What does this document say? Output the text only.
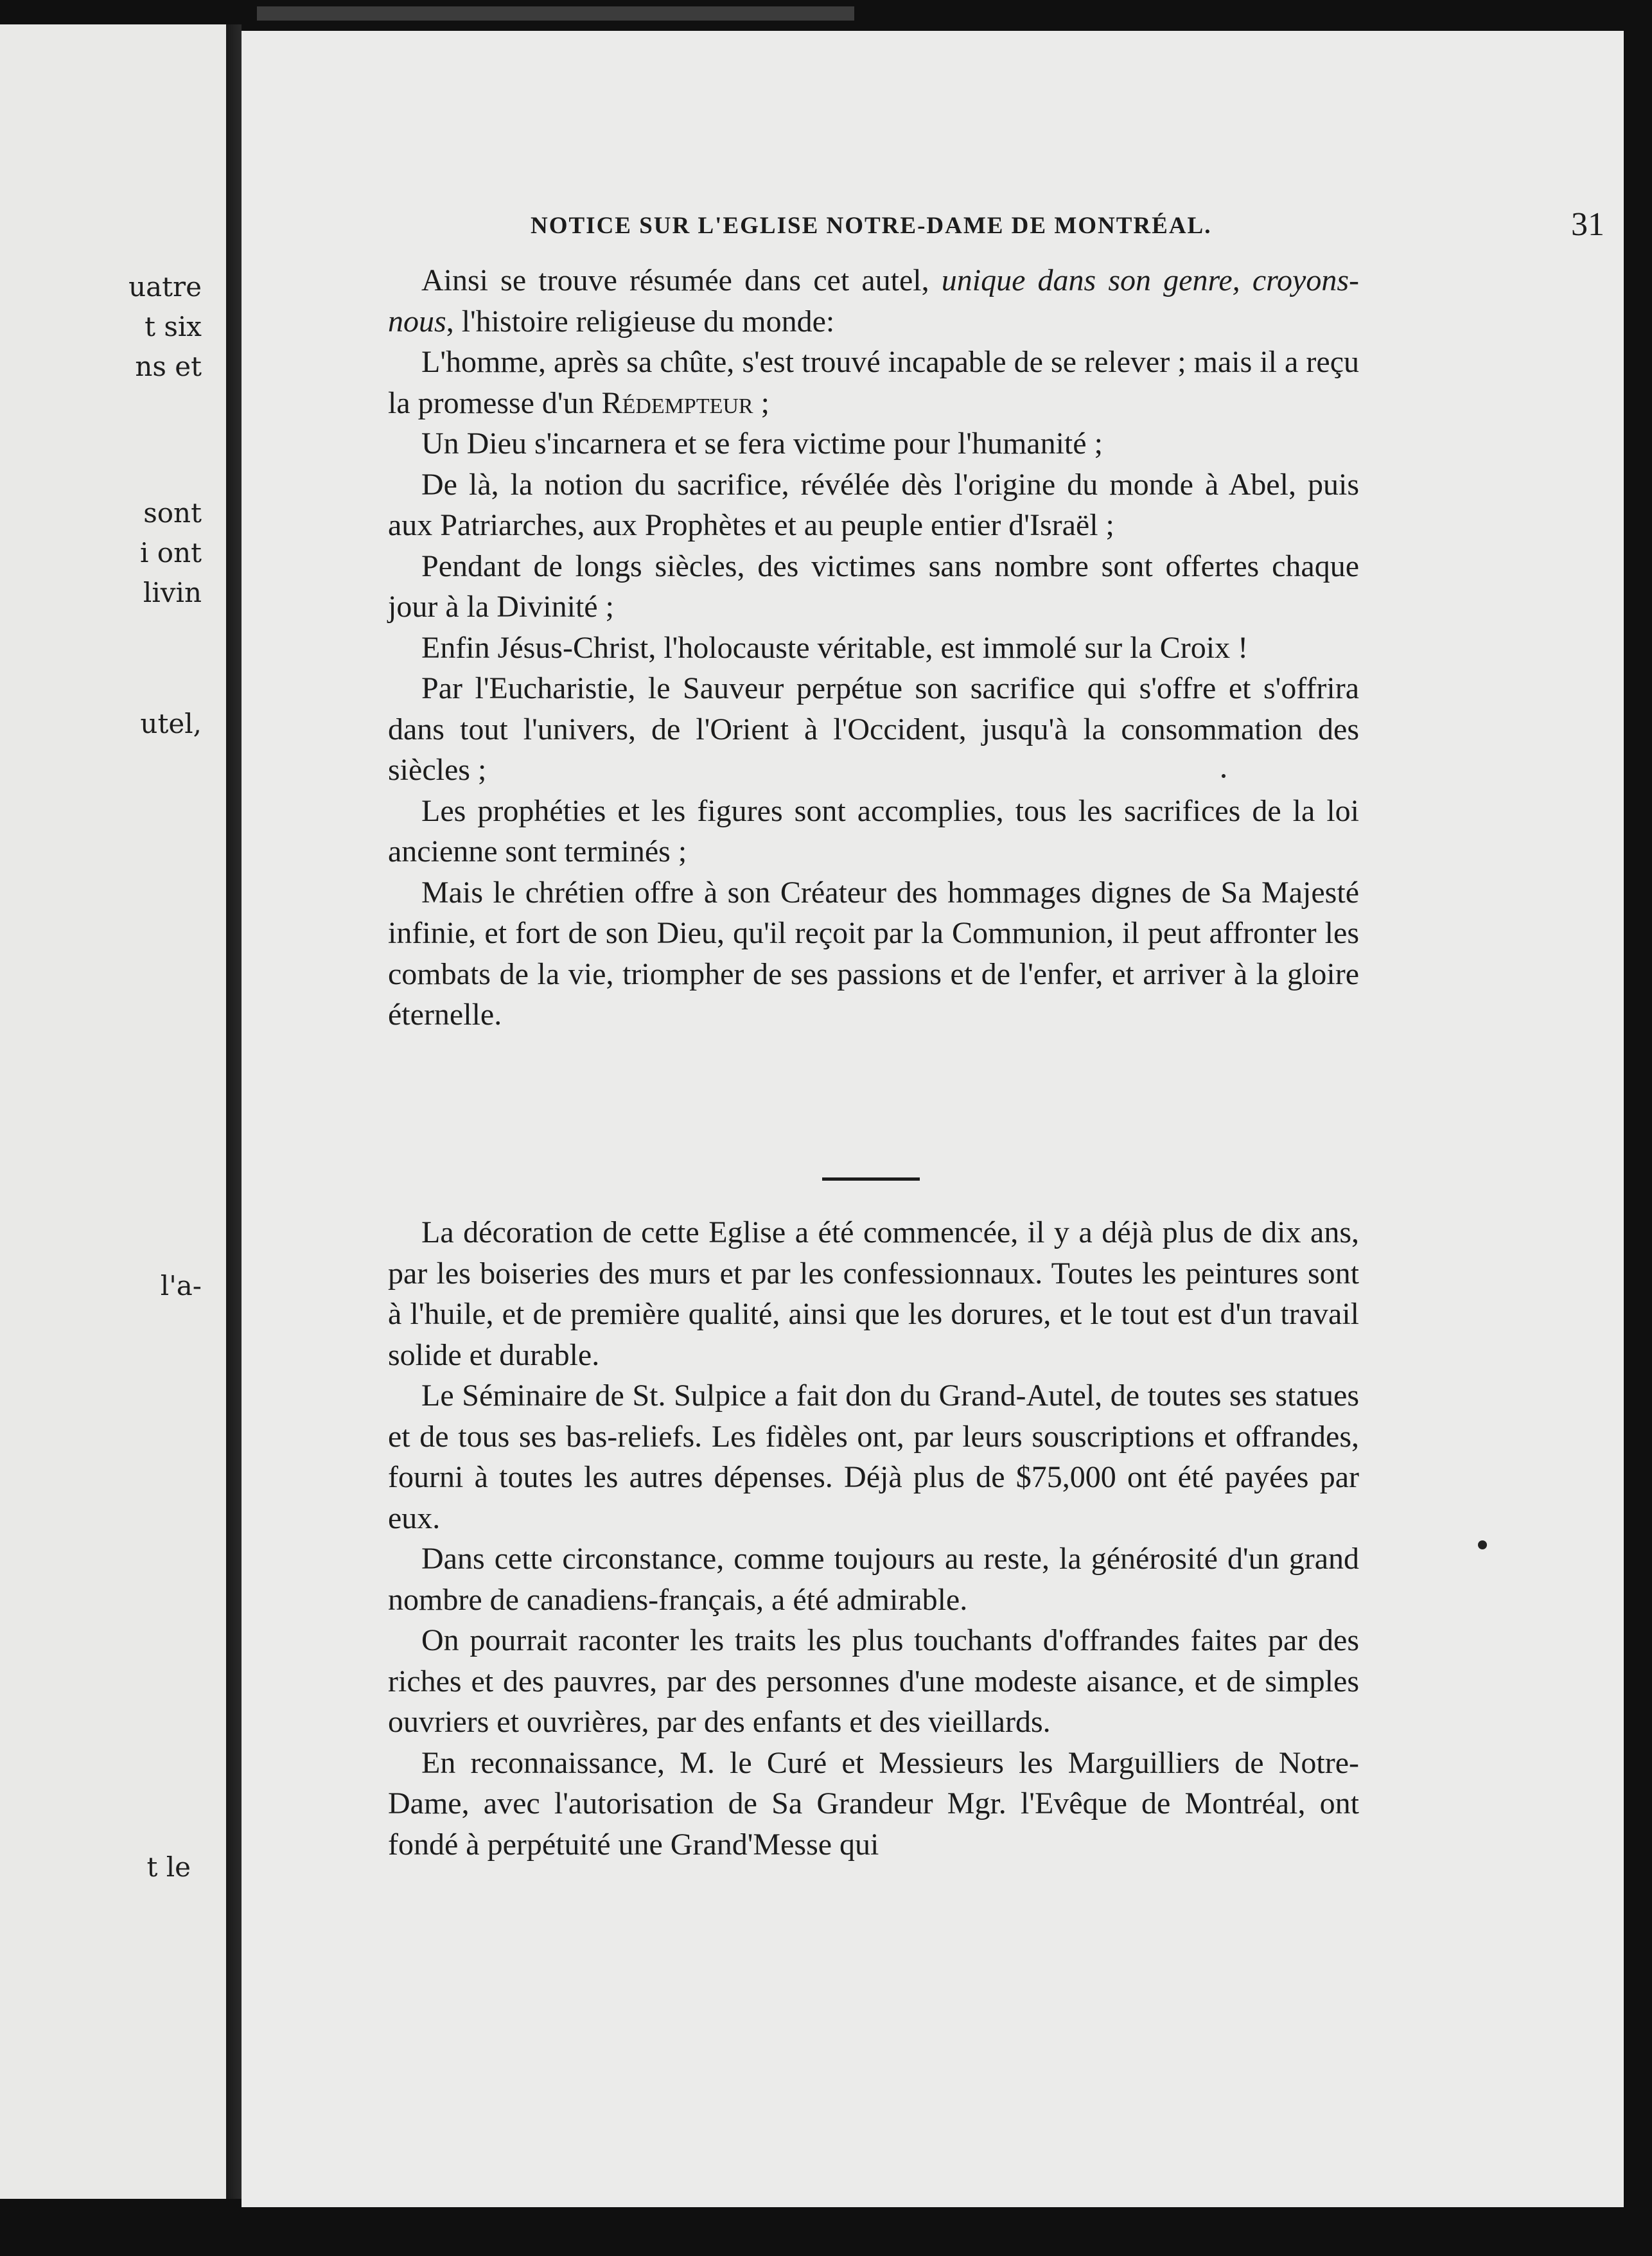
uatre
t six
ns et
sont
i ont
livin
utel,
l'a-
t le
NOTICE SUR L'EGLISE NOTRE-DAME DE MONTRÉAL.	31

Ainsi se trouve résumée dans cet autel, unique dans son genre, croyons-nous, l'histoire religieuse du monde:

L'homme, après sa chûte, s'est trouvé incapable de se relever ; mais il a reçu la promesse d'un Rédempteur ;

Un Dieu s'incarnera et se fera victime pour l'humanité ;

De là, la notion du sacrifice, révélée dès l'origine du monde à Abel, puis aux Patriarches, aux Prophètes et au peuple entier d'Israël ;

Pendant de longs siècles, des victimes sans nombre sont offertes chaque jour à la Divinité ;

Enfin Jésus-Christ, l'holocauste véritable, est immolé sur la Croix !

Par l'Eucharistie, le Sauveur perpétue son sacrifice qui s'offre et s'offrira dans tout l'univers, de l'Orient à l'Occident, jusqu'à la consommation des siècles ;

Les prophéties et les figures sont accomplies, tous les sacrifices de la loi ancienne sont terminés ;

Mais le chrétien offre à son Créateur des hommages dignes de Sa Majesté infinie, et fort de son Dieu, qu'il reçoit par la Communion, il peut affronter les combats de la vie, triompher de ses passions et de l'enfer, et arriver à la gloire éternelle.

La décoration de cette Eglise a été commencée, il y a déjà plus de dix ans, par les boiseries des murs et par les confessionnaux. Toutes les peintures sont à l'huile, et de première qualité, ainsi que les dorures, et le tout est d'un travail solide et durable.

Le Séminaire de St. Sulpice a fait don du Grand-Autel, de toutes ses statues et de tous ses bas-reliefs. Les fidèles ont, par leurs souscriptions et offrandes, fourni à toutes les autres dépenses. Déjà plus de $75,000 ont été payées par eux.

Dans cette circonstance, comme toujours au reste, la générosité d'un grand nombre de canadiens-français, a été admirable.

On pourrait raconter les traits les plus touchants d'offrandes faites par des riches et des pauvres, par des personnes d'une modeste aisance, et de simples ouvriers et ouvrières, par des enfants et des vieillards.

En reconnaissance, M. le Curé et Messieurs les Marguilliers de Notre-Dame, avec l'autorisation de Sa Grandeur Mgr. l'Evêque de Montréal, ont fondé à perpétuité une Grand'Messe qui
